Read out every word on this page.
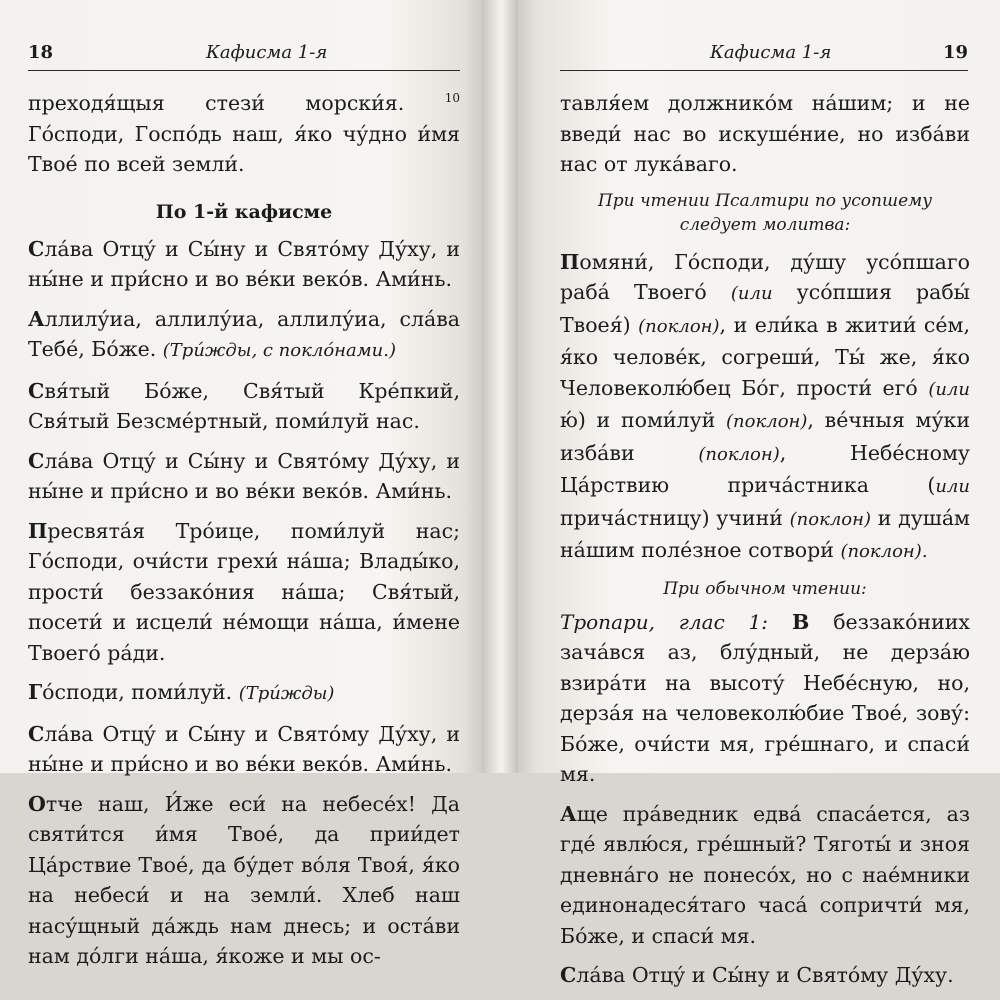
18	Кафисма 1-я

преходя́щыя стези́ морски́я.	$^{10}$ Го́споди, Госпо́дь наш, я́ко чу́дно и́мя Твое́ по всей земли́.

По 1-й кафисме

Сла́ва Отцу́ и Сы́ну и Свято́му Ду́ху, и ны́не и при́сно и во ве́ки веко́в. Ами́нь.

Аллилу́иа, аллилу́иа, аллилу́иа, сла́ва Тебе́, Бо́же. (Три́жды, с покло́нами.)

Свя́тый Бо́же, Свя́тый Кре́пкий, Свя́тый Безсме́ртный, поми́луй нас.

Сла́ва Отцу́ и Сы́ну и Свято́му Ду́ху, и ны́не и при́сно и во ве́ки веко́в. Ами́нь.

Пресвята́я Тро́ице, поми́луй нас; Го́споди, очи́сти грехи́ на́ша; Влады́ко, прости́ беззако́ния на́ша; Свя́тый, посети́ и исцели́ не́мощи на́ша, и́мене Твоего́ ра́ди.

Го́споди, поми́луй. (Три́жды)

Сла́ва Отцу́ и Сы́ну и Свято́му Ду́ху, и ны́не и при́сно и во ве́ки веко́в. Ами́нь.

Отче наш, И́же еси́ на небесе́х! Да святи́тся и́мя Твое́, да прии́дет Ца́рствие Твое́, да бу́дет во́ля Твоя́, я́ко на небеси́ и на земли́. Хлеб наш насу́щный да́ждь нам днесь; и оста́ви нам до́лги на́ша, я́коже и мы ос-

Кафисма 1-я	19

тавля́ем должнико́м на́шим; и не введи́ нас во искуше́ние, но изба́ви нас от лука́ваго.

При чтении Псалтири по усопшему следует молитва:

Помяни́, Го́споди, ду́шу усо́пшаго раба́ Твоего́ (или усо́пшия рабы́ Твоея́) (поклон), и ели́ка в житии́ се́м, я́ко челове́к, согреши́, Ты́ же, я́ко Человеколю́бец Бо́г, прости́ его́ (или ю́) и поми́луй (поклон), ве́чныя му́ки изба́ви	(поклон), Небе́сному Ца́рствию прича́стника (или прича́стницу) учини́ (поклон) и душа́м на́шим поле́зное сотвори́ (поклон).

При обычном чтении:

Тропари, глас 1: В беззако́ниих зача́вся аз, блу́дный, не дерза́ю взира́ти на высоту́ Небе́сную, но, дерза́я на человеколю́бие Твое́, зову́: Бо́же, очи́сти мя, гре́шнаго, и спаси́ мя.

Аще пра́ведник едва́ спаса́ется, аз где́ явлю́ся, гре́шный? Тяготы́ и зноя дневна́го не понесо́х, но с нае́мники единонадеся́таго часа́ сопричти́ мя, Бо́же, и спаси́ мя.

Сла́ва Отцу́ и Сы́ну и Свято́му Ду́ху.
